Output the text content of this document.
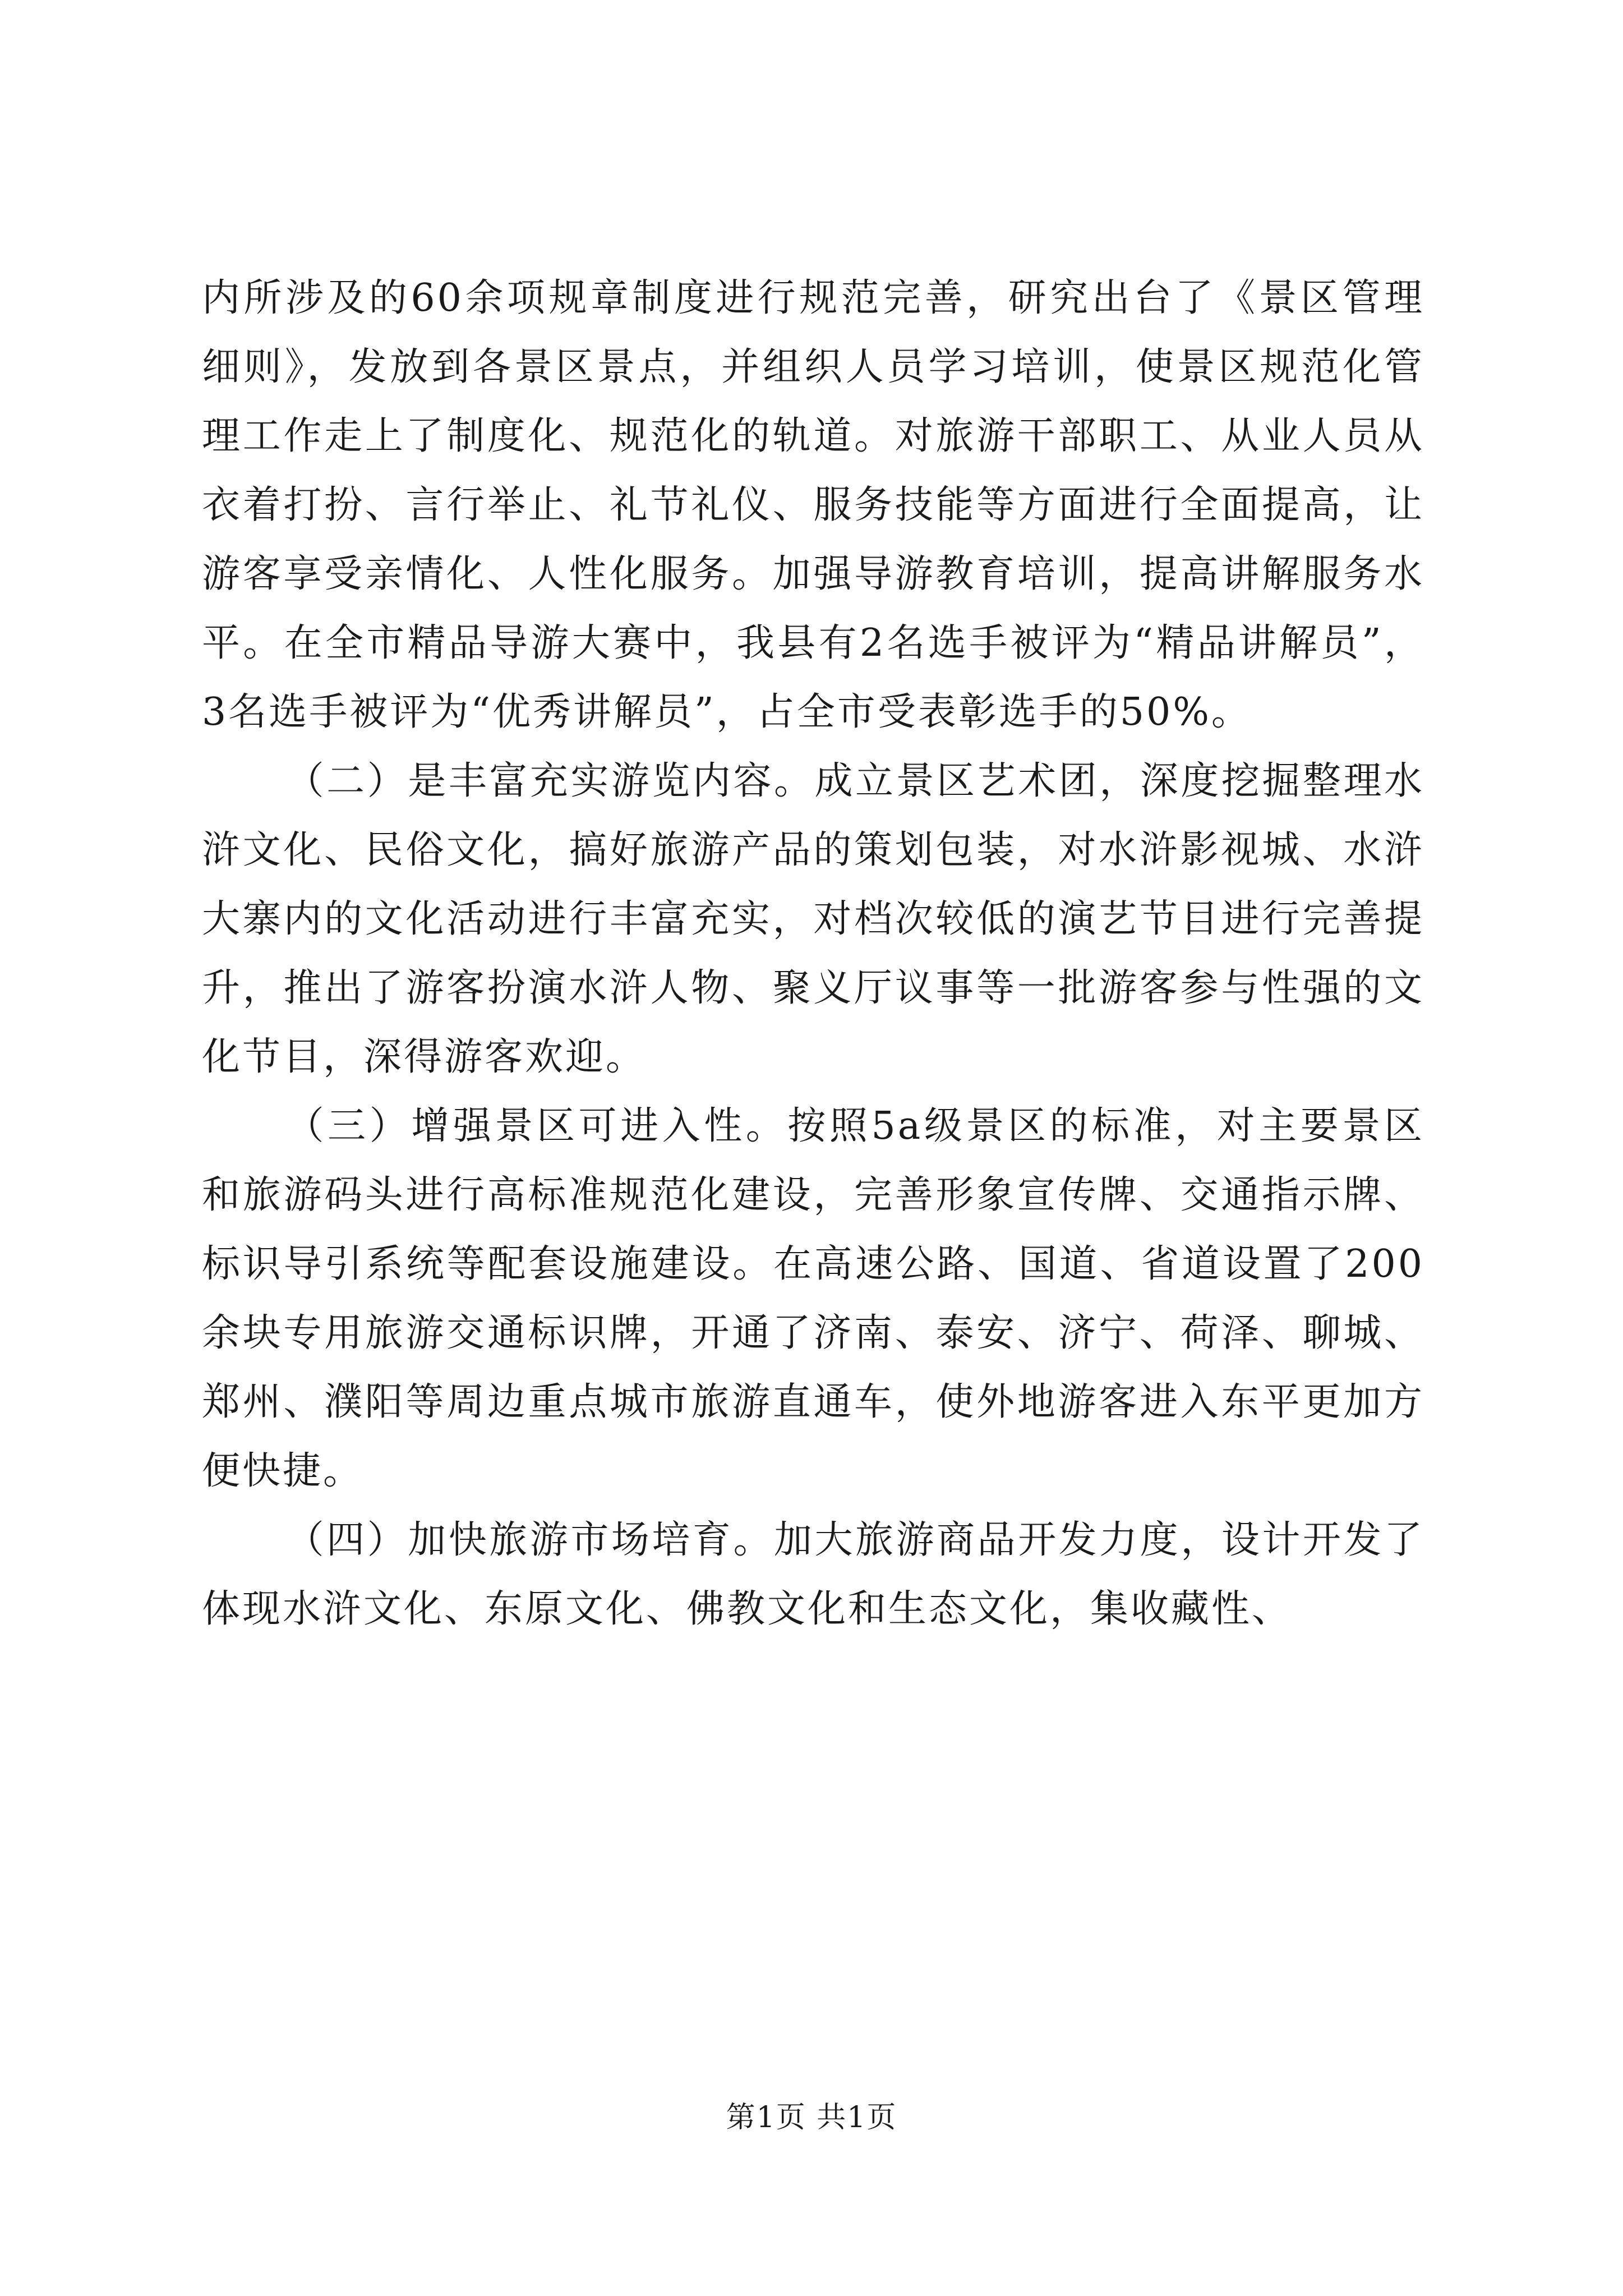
内所涉及的60余项规章制度进行规范完善，研究出台了《景区管理细则》，发放到各景区景点，并组织人员学习培训，使景区规范化管理工作走上了制度化、规范化的轨道。对旅游干部职工、从业人员从衣着打扮、言行举止、礼节礼仪、服务技能等方面进行全面提高，让游客享受亲情化、人性化服务。加强导游教育培训，提高讲解服务水平。在全市精品导游大赛中，我县有2名选手被评为“精品讲解员”，3名选手被评为“优秀讲解员”，占全市受表彰选手的50%。

（二）是丰富充实游览内容。成立景区艺术团，深度挖掘整理水浒文化、民俗文化，搞好旅游产品的策划包装，对水浒影视城、水浒大寨内的文化活动进行丰富充实，对档次较低的演艺节目进行完善提升，推出了游客扮演水浒人物、聚义厅议事等一批游客参与性强的文化节目，深得游客欢迎。

（三）增强景区可进入性。按照5a级景区的标准，对主要景区和旅游码头进行高标准规范化建设，完善形象宣传牌、交通指示牌、标识导引系统等配套设施建设。在高速公路、国道、省道设置了200余块专用旅游交通标识牌，开通了济南、泰安、济宁、荷泽、聊城、郑州、濮阳等周边重点城市旅游直通车，使外地游客进入东平更加方便快捷。

（四）加快旅游市场培育。加大旅游商品开发力度，设计开发了体现水浒文化、东原文化、佛教文化和生态文化，集收藏性、

第1页 共1页
